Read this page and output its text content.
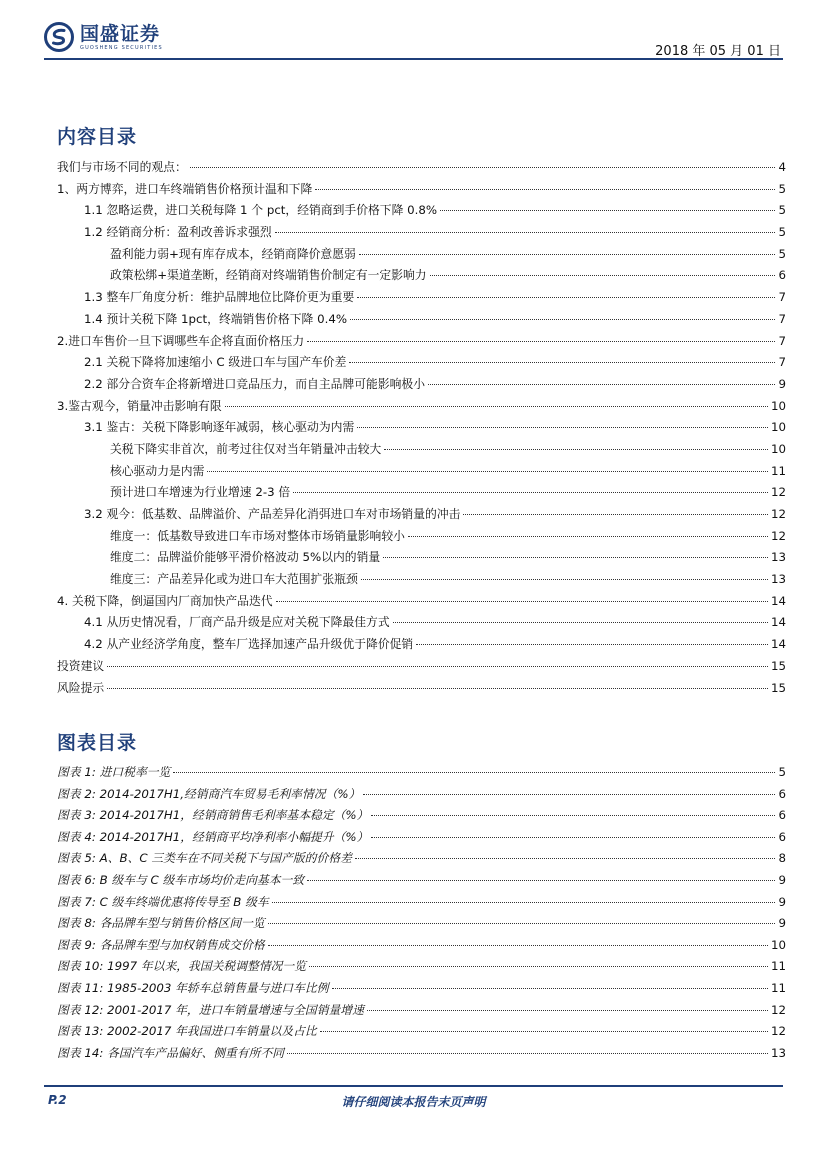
国盛证券
GUOSHENG SECURITIES	2018 年 05 月 01 日
内容目录
我们与市场不同的观点：	4
1、两方博弈，进口车终端销售价格预计温和下降	5
1.1 忽略运费，进口关税每降 1 个 pct，经销商到手价格下降 0.8%	5
1.2 经销商分析：盈利改善诉求强烈	5
盈利能力弱+现有库存成本，经销商降价意愿弱	5
政策松绑+渠道垄断，经销商对终端销售价制定有一定影响力	6
1.3 整车厂角度分析：维护品牌地位比降价更为重要	7
1.4 预计关税下降 1pct，终端销售价格下降 0.4%	7
2.进口车售价一旦下调哪些车企将直面价格压力	7
2.1 关税下降将加速缩小 C 级进口车与国产车价差	7
2.2 部分合资车企将新增进口竞品压力，而自主品牌可能影响极小	9
3.鉴古观今，销量冲击影响有限	10
3.1 鉴古：关税下降影响逐年减弱，核心驱动为内需	10
关税下降实非首次，前考过往仅对当年销量冲击较大	10
核心驱动力是内需	11
预计进口车增速为行业增速 2-3 倍	12
3.2 观今：低基数、品牌溢价、产品差异化消弭进口车对市场销量的冲击	12
维度一：低基数导致进口车市场对整体市场销量影响较小	12
维度二：品牌溢价能够平滑价格波动 5%以内的销量	13
维度三：产品差异化或为进口车大范围扩张瓶颈	13
4. 关税下降，倒逼国内厂商加快产品迭代	14
4.1 从历史情况看，厂商产品升级是应对关税下降最佳方式	14
4.2 从产业经济学角度，整车厂选择加速产品升级优于降价促销	14
投资建议	15
风险提示	15
图表目录
图表 1: 进口税率一览	5
图表 2: 2014-2017H1,经销商汽车贸易毛利率情况（%）	6
图表 3: 2014-2017H1，经销商销售毛利率基本稳定（%）	6
图表 4: 2014-2017H1，经销商平均净利率小幅提升（%）	6
图表 5: A、B、C 三类车在不同关税下与国产版的价格差	8
图表 6: B 级车与 C 级车市场均价走向基本一致	9
图表 7: C 级车终端优惠将传导至 B 级车	9
图表 8: 各品牌车型与销售价格区间一览	9
图表 9: 各品牌车型与加权销售成交价格	10
图表 10: 1997 年以来，我国关税调整情况一览	11
图表 11: 1985-2003 年轿车总销售量与进口车比例	11
图表 12: 2001-2017 年，进口车销量增速与全国销量增速	12
图表 13: 2002-2017 年我国进口车销量以及占比	12
图表 14: 各国汽车产品偏好、侧重有所不同	13
P.2	请仔细阅读本报告末页声明
